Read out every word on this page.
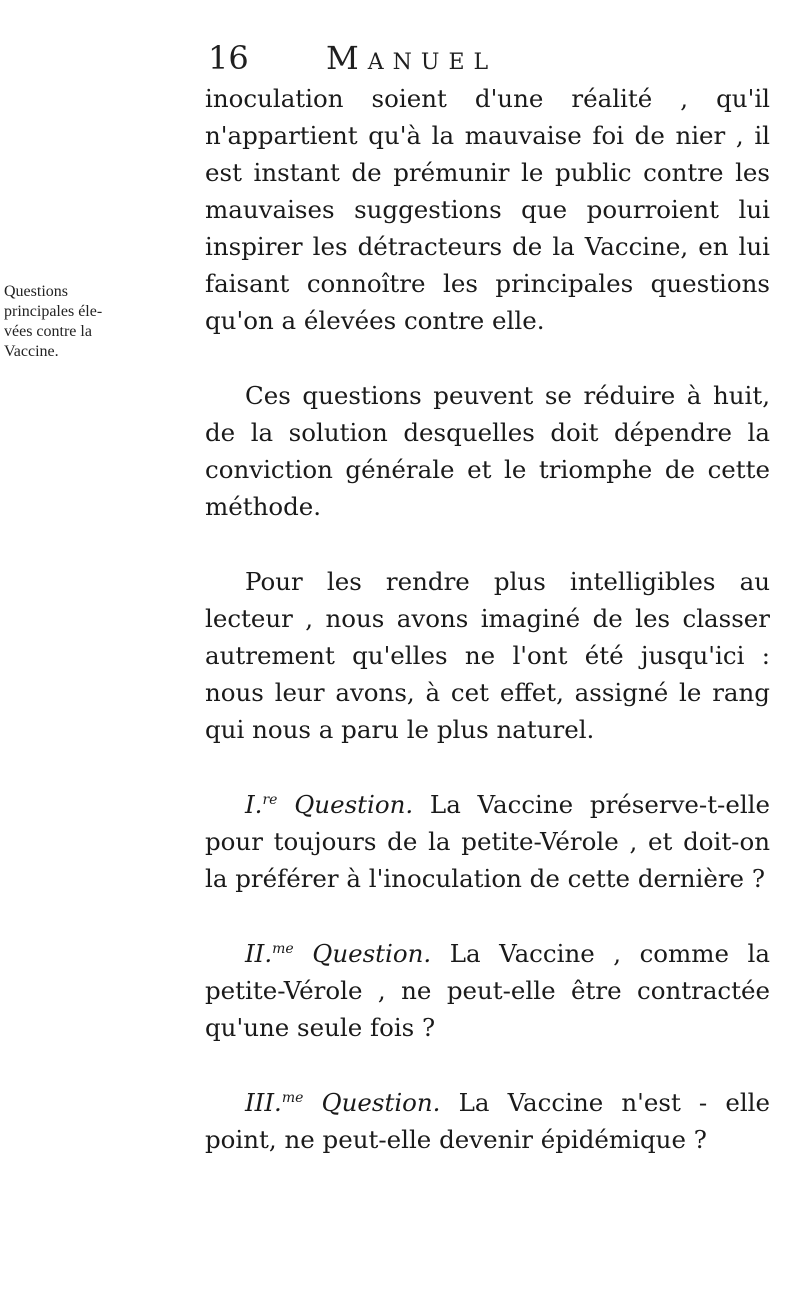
16 Manuel
Questions
principales éle-
vées contre la
Vaccine.

inoculation soient d'une réalité , qu'il n'appartient qu'à la mauvaise foi de nier , il est instant de prémunir le public contre les mauvaises suggestions que pourroient lui inspirer les détracteurs de la Vaccine, en lui faisant connoître les principales questions qu'on a élevées contre elle.

Ces questions peuvent se réduire à huit, de la solution desquelles doit dépendre la conviction générale et le triomphe de cette méthode.

Pour les rendre plus intelligibles au lecteur , nous avons imaginé de les classer autrement qu'elles ne l'ont été jusqu'ici : nous leur avons, à cet effet, assigné le rang qui nous a paru le plus naturel.

I.$^{re}$ Question. La Vaccine préserve-t-elle pour toujours de la petite-Vérole , et doit-on la préférer à l'inoculation de cette dernière ?

II.$^{me}$ Question. La Vaccine , comme la petite-Vérole , ne peut-elle être contractée qu'une seule fois ?

III.$^{me}$ Question. La Vaccine n'est - elle point, ne peut-elle devenir épidémique ?
